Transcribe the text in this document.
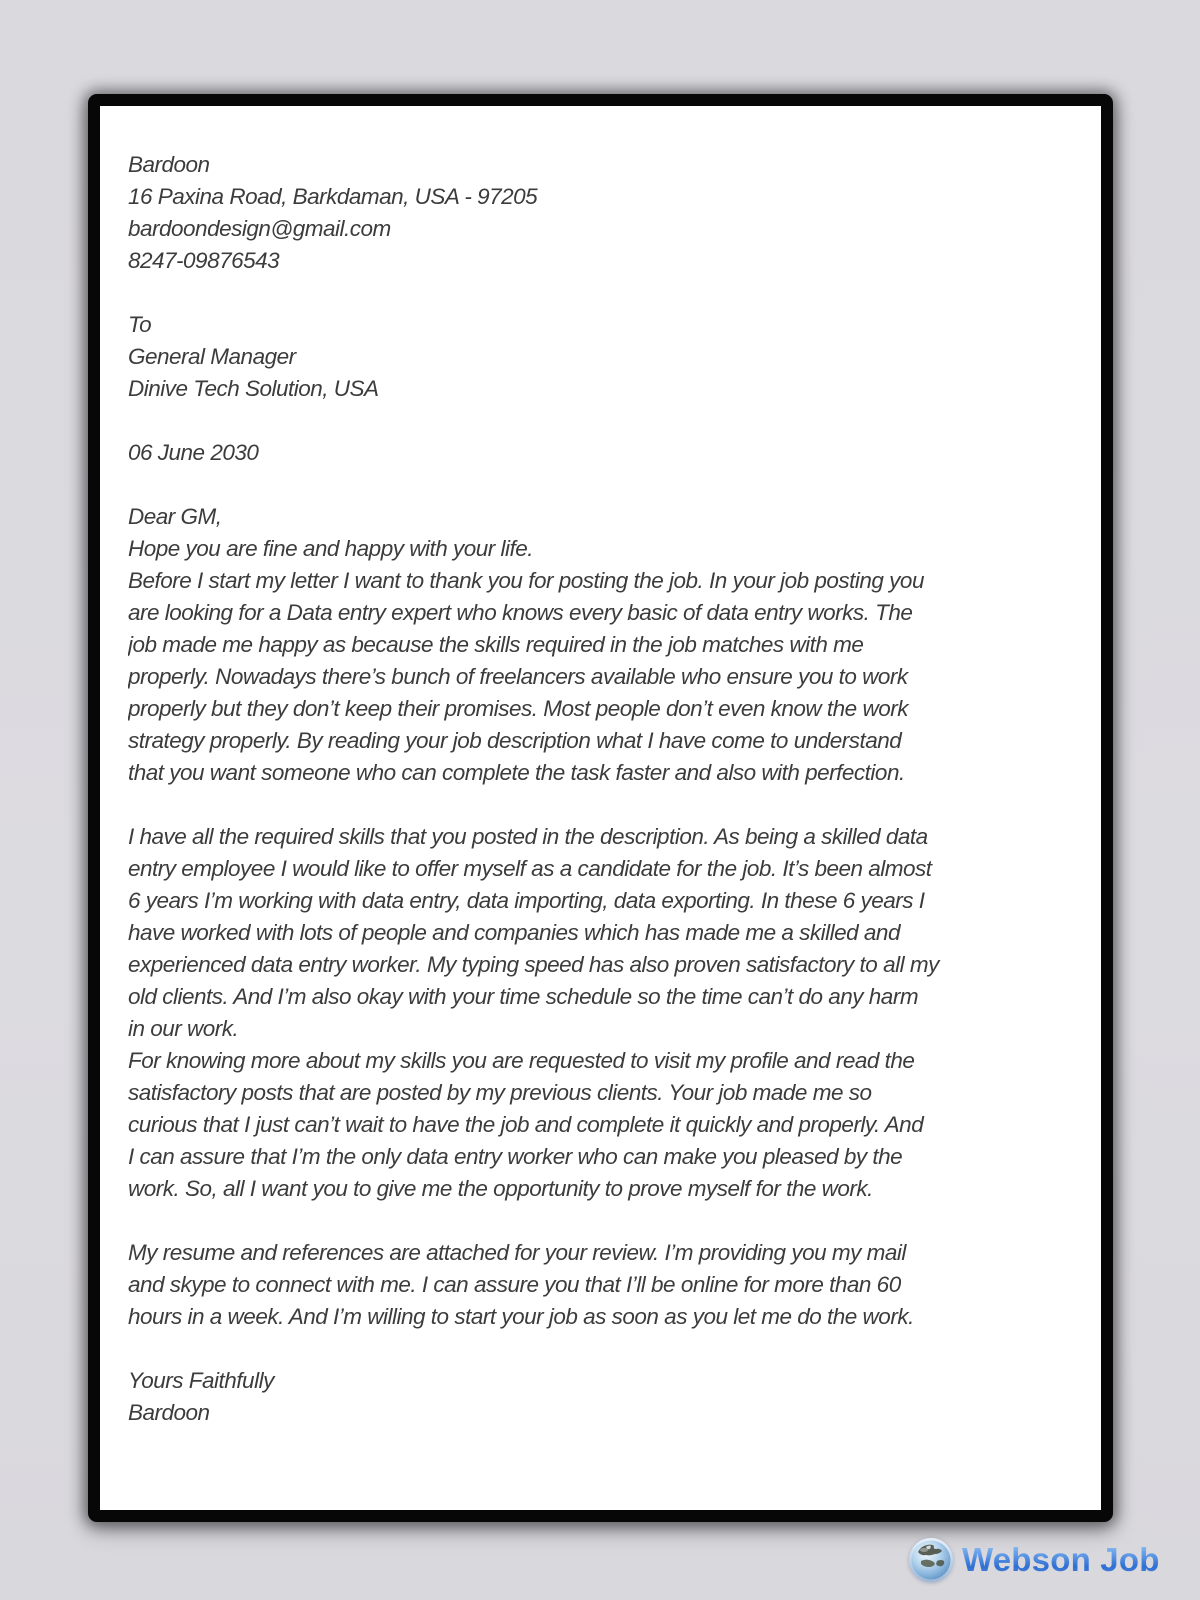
Bardoon
16 Paxina Road, Barkdaman, USA - 97205
bardoondesign@gmail.com
8247-09876543
To
General Manager
Dinive Tech Solution, USA
06 June 2030
Dear GM,
Hope you are fine and happy with your life.
Before I start my letter I want to thank you for posting the job. In your job posting you
are looking for a Data entry expert who knows every basic of data entry works. The
job made me happy as because the skills required in the job matches with me
properly. Nowadays there’s bunch of freelancers available who ensure you to work
properly but they don’t keep their promises. Most people don’t even know the work
strategy properly. By reading your job description what I have come to understand
that you want someone who can complete the task faster and also with perfection.
I have all the required skills that you posted in the description. As being a skilled data
entry employee I would like to offer myself as a candidate for the job. It’s been almost
6 years I’m working with data entry, data importing, data exporting. In these 6 years I
have worked with lots of people and companies which has made me a skilled and
experienced data entry worker. My typing speed has also proven satisfactory to all my
old clients. And I’m also okay with your time schedule so the time can’t do any harm
in our work.
For knowing more about my skills you are requested to visit my profile and read the
satisfactory posts that are posted by my previous clients. Your job made me so
curious that I just can’t wait to have the job and complete it quickly and properly. And
I can assure that I’m the only data entry worker who can make you pleased by the
work. So, all I want you to give me the opportunity to prove myself for the work.
My resume and references are attached for your review. I’m providing you my mail
and skype to connect with me. I can assure you that I’ll be online for more than 60
hours in a week. And I’m willing to start your job as soon as you let me do the work.
Yours Faithfully
Bardoon
Webson Job
